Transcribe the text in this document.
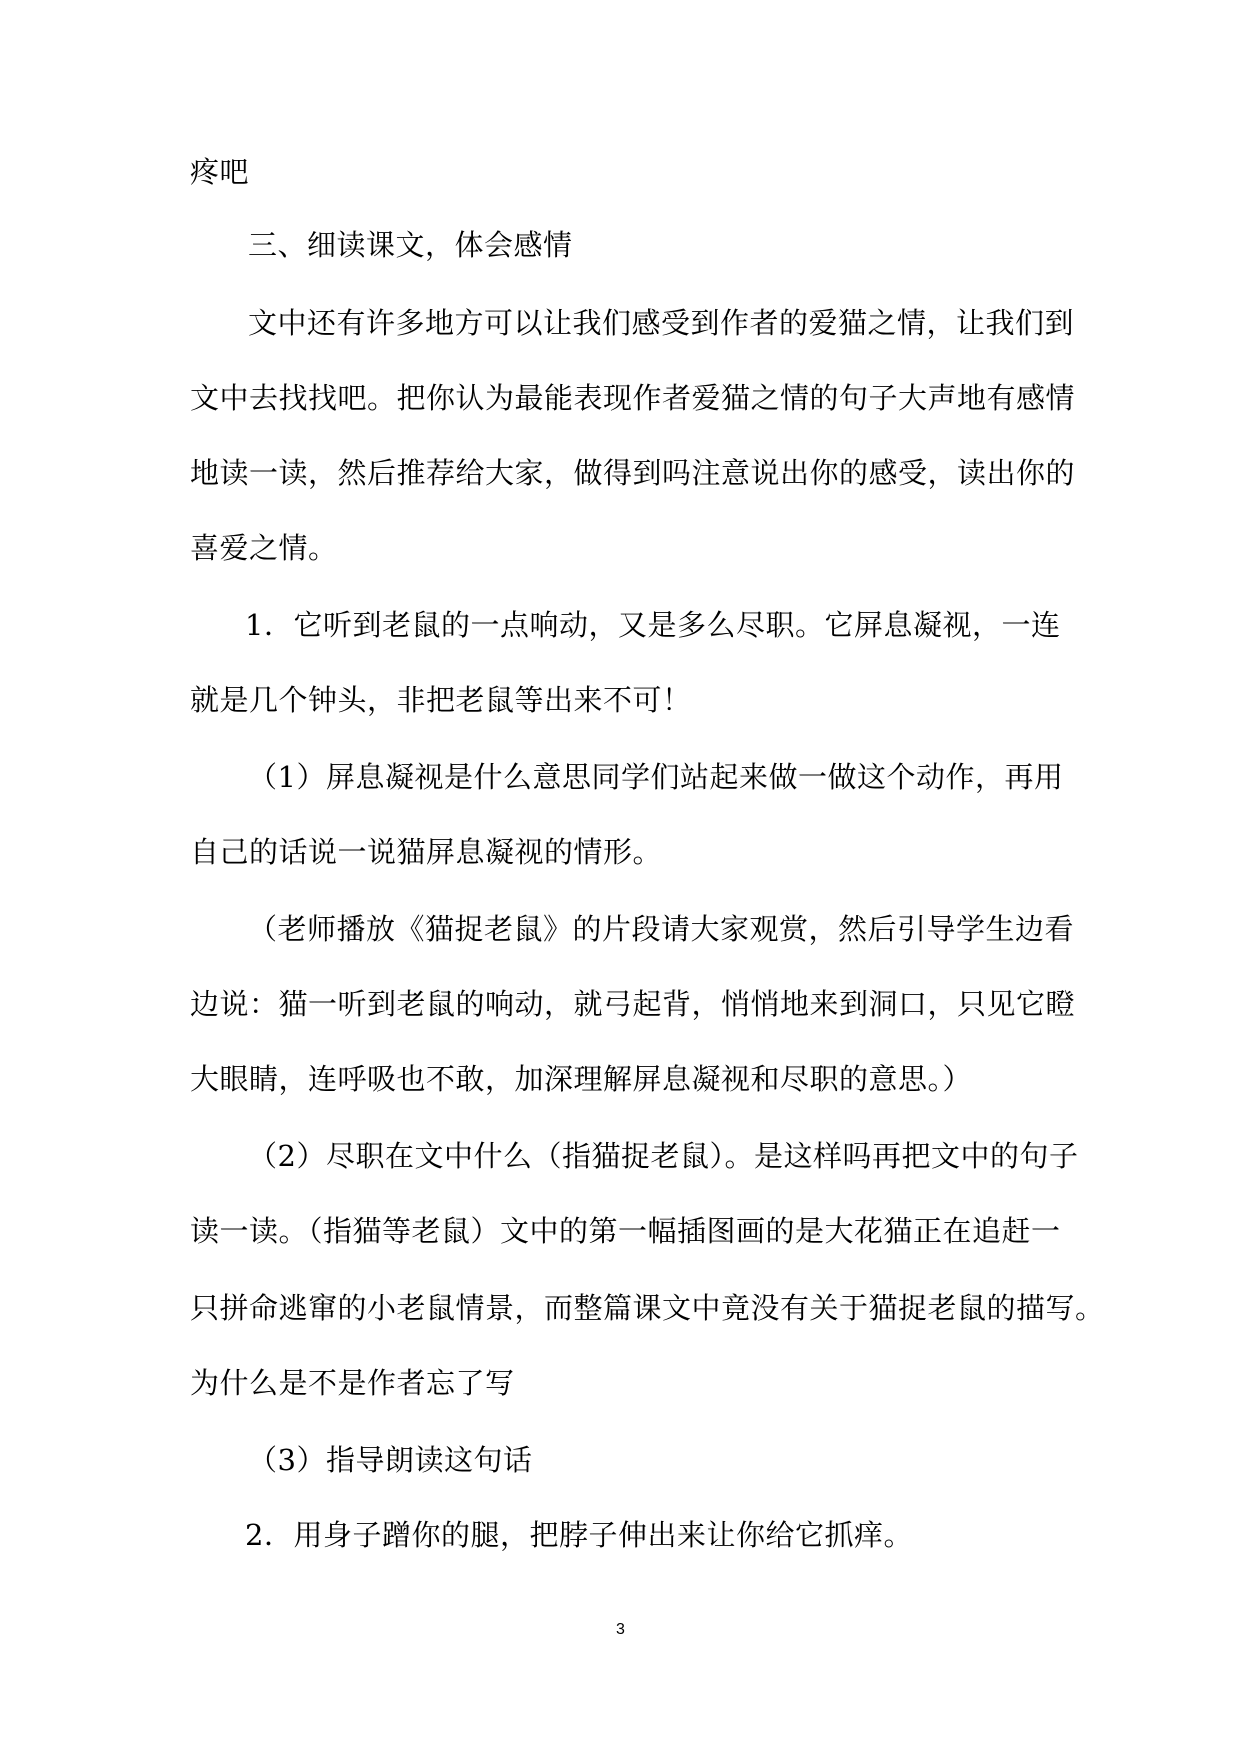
疼吧
三、细读课文，体会感情
文中还有许多地方可以让我们感受到作者的爱猫之情，让我们到
文中去找找吧。把你认为最能表现作者爱猫之情的句子大声地有感情
地读一读，然后推荐给大家，做得到吗注意说出你的感受，读出你的
喜爱之情。
1．它听到老鼠的一点响动，又是多么尽职。它屏息凝视，一连
就是几个钟头，非把老鼠等出来不可！
（1）屏息凝视是什么意思同学们站起来做一做这个动作，再用
自己的话说一说猫屏息凝视的情形。
（老师播放《猫捉老鼠》的片段请大家观赏，然后引导学生边看
边说：猫一听到老鼠的响动，就弓起背，悄悄地来到洞口，只见它瞪
大眼睛，连呼吸也不敢，加深理解屏息凝视和尽职的意思。）
（2）尽职在文中什么（指猫捉老鼠）。是这样吗再把文中的句子
读一读。（指猫等老鼠）文中的第一幅插图画的是大花猫正在追赶一
只拼命逃窜的小老鼠情景，而整篇课文中竟没有关于猫捉老鼠的描写。
为什么是不是作者忘了写
（3）指导朗读这句话
2．用身子蹭你的腿，把脖子伸出来让你给它抓痒。
3
